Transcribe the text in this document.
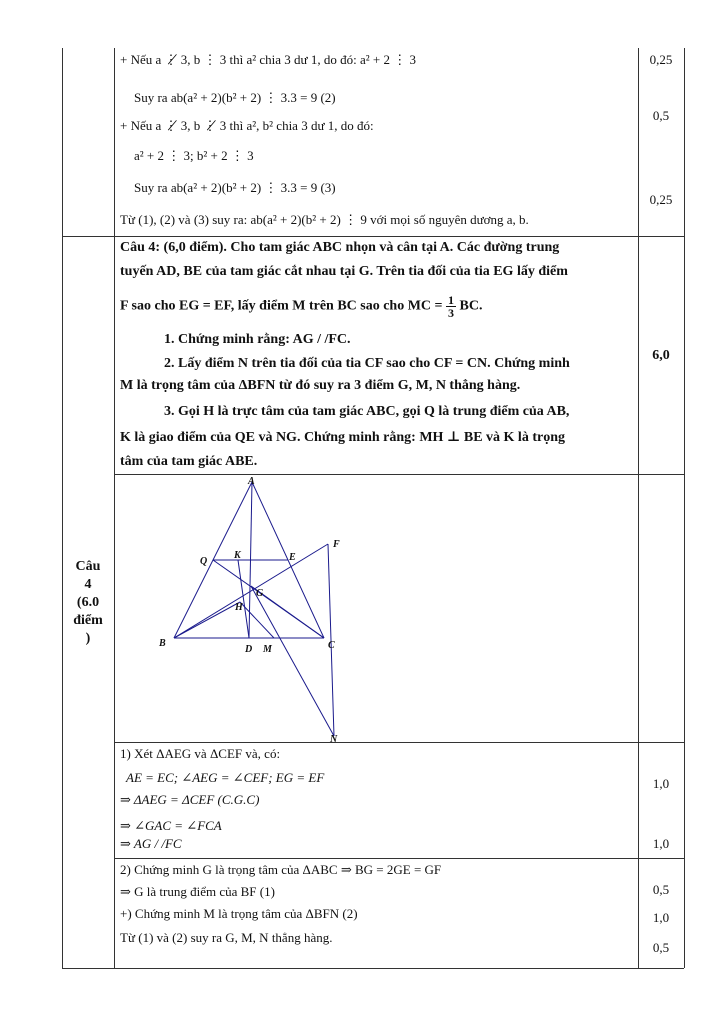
+ Nếu a ⋮̸ 3, b ⋮ 3 thì a² chia 3 dư 1, do đó: a² + 2 ⋮ 3
Suy ra ab(a² + 2)(b² + 2) ⋮ 3.3 = 9 (2)
+ Nếu a ⋮̸ 3, b ⋮̸ 3 thì a², b² chia 3 dư 1, do đó:
a² + 2 ⋮ 3; b² + 2 ⋮ 3
Suy ra ab(a² + 2)(b² + 2) ⋮ 3.3 = 9 (3)
Từ (1), (2) và (3) suy ra: ab(a² + 2)(b² + 2) ⋮ 9 với mọi số nguyên dương a, b.
0,25
0,5
0,25
Câu
4
(6.0
điểm
)
Câu 4: (6,0 điểm). Cho tam giác ABC nhọn và cân tại A. Các đường trung
tuyến AD, BE của tam giác cắt nhau tại G. Trên tia đối của tia EG lấy điểm
F sao cho EG = EF, lấy điểm M trên BC sao cho MC = $\frac{1}{3}$ BC.
1. Chứng minh rằng: AG / /FC.
2. Lấy điểm N trên tia đối của tia CF sao cho CF = CN. Chứng minh
M là trọng tâm của ΔBFN từ đó suy ra 3 điểm G, M, N thẳng hàng.
3. Gọi H là trực tâm của tam giác ABC, gọi Q là trung điểm của AB,
K là giao điểm của QE và NG. Chứng minh rằng: MH ⊥ BE và K là trọng
tâm của tam giác ABE.
6,0
A
B	C
D M
E
F
Q
K
G
H
N
1) Xét ΔAEG và ΔCEF và, có:
AE = EC; ∠AEG = ∠CEF; EG = EF
⇒ ΔAEG = ΔCEF (C.G.C)
⇒ ∠GAC = ∠FCA
⇒ AG / /FC
1,0
1,0
2) Chứng minh G là trọng tâm của ΔABC ⇒ BG = 2GE = GF
⇒ G là trung điểm của BF (1)
+) Chứng minh M là trọng tâm của ΔBFN (2)
Từ (1) và (2) suy ra G, M, N thẳng hàng.
0,5
1,0
0,5
